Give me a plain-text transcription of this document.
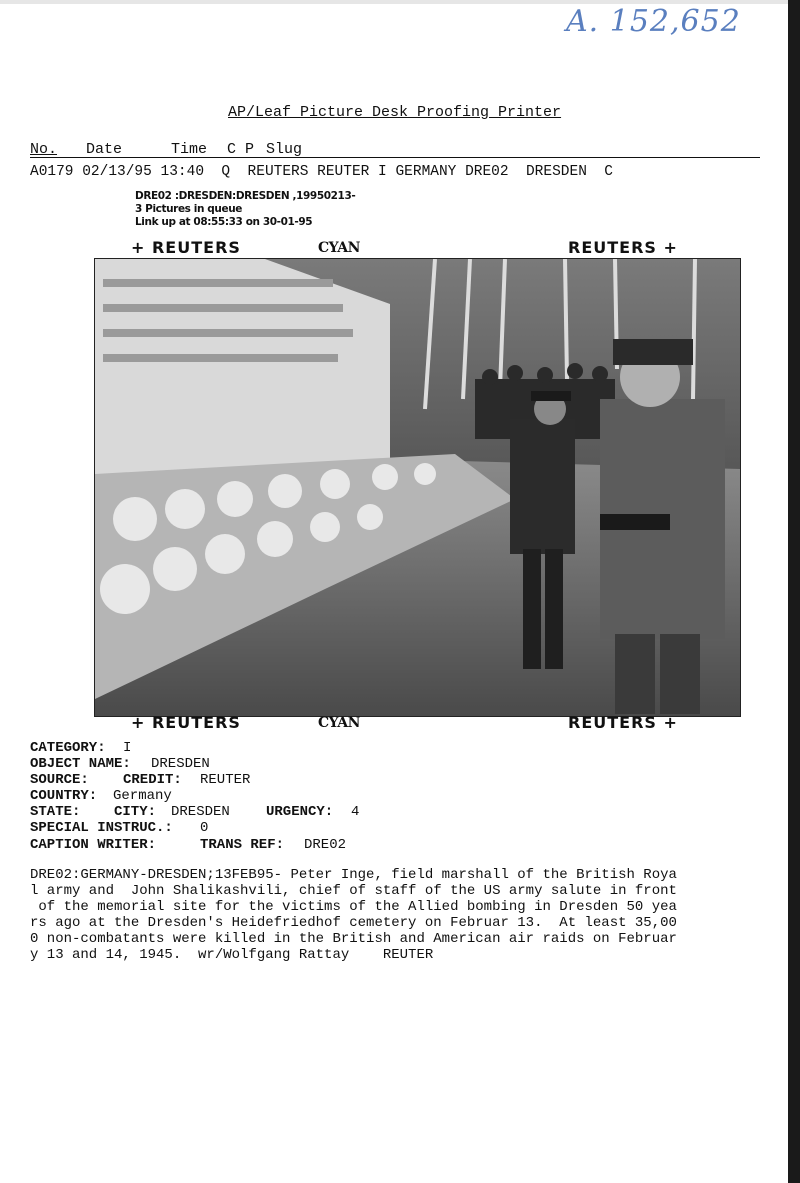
A. 152,652
AP/Leaf Picture Desk Proofing Printer
No. Date	Time C P Slug
A0179 02/13/95 13:40  Q  REUTERS REUTER I GERMANY DRE02  DRESDEN  C
DRE02 :DRESDEN:DRESDEN ,19950213-
3 Pictures in queue
Link up at 08:55:33 on 30-01-95
+ REUTERS	CYAN	REUTERS +
+ REUTERS	CYAN	REUTERS +

CATEGORY:

I

OBJECT NAME:

DRESDEN

SOURCE:

CREDIT:

REUTER

COUNTRY:

Germany

STATE:

CITY:

DRESDEN

	URGENCY:

4

SPECIAL INSTRUC.:

0

CAPTION WRITER:

	TRANS REF:

DRE02

DRE02:GERMANY-DRESDEN;13FEB95- Peter Inge, field marshall of the British Roya
l army and  John Shalikashvili, chief of staff of the US army salute in front
of the memorial site for the victims of the Allied bombing in Dresden 50 yea
rs ago at the Dresden's Heidefriedhof cemetery on Februar 13.  At least 35,00
0 non-combatants were killed in the British and American air raids on Februar
y 13 and 14, 1945.  wr/Wolfgang Rattay    REUTER
